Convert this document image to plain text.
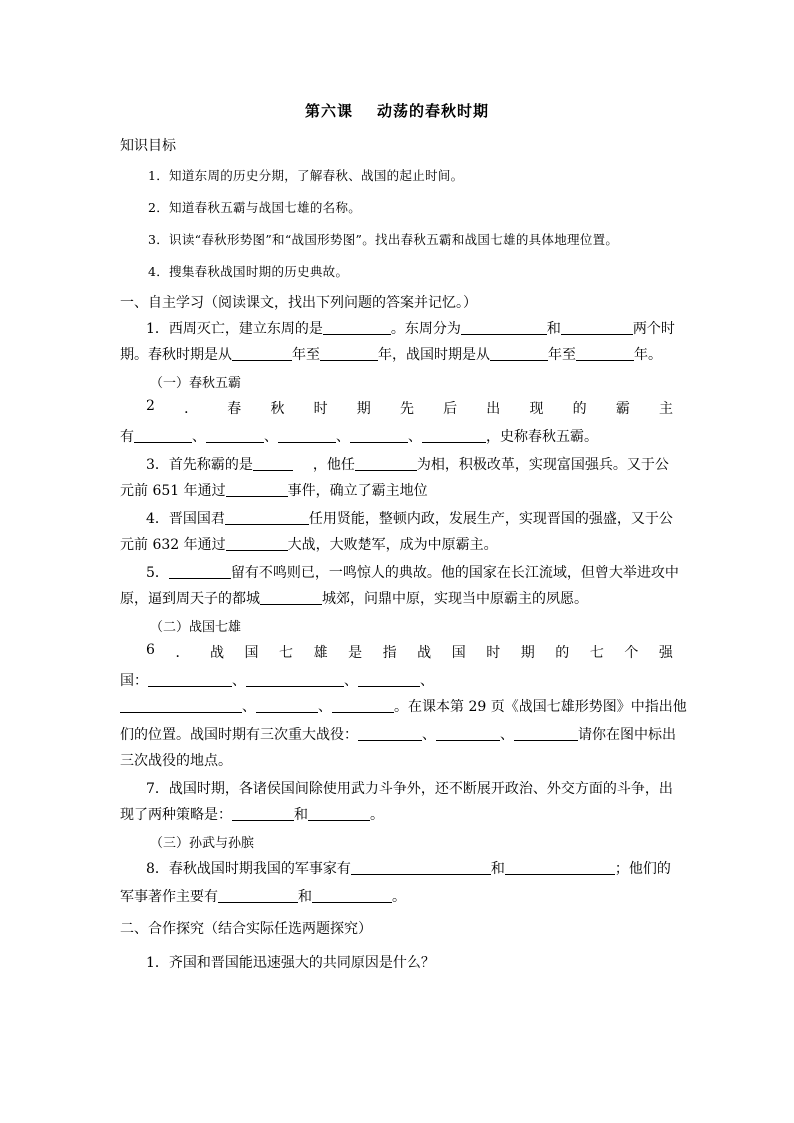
第六课 动荡的春秋时期
知识目标
1．知道东周的历史分期，了解春秋、战国的起止时间。
2．知道春秋五霸与战国七雄的名称。
3．识读“春秋形势图”和“战国形势图”。找出春秋五霸和战国七雄的具体地理位置。
4．搜集春秋战国时期的历史典故。
一、自主学习（阅读课文，找出下列问题的答案并记忆。）
1．西周灭亡，建立东周的是	。东周分为	和	两个时
期。春秋时期是从	年至	年，战国时期是从	年至	年。
（一）春秋五霸
2 ． 春 秋 时 期 先 后 出 现 的 霸 主
有	、	、	、	、	，史称春秋五霸。
3．首先称霸的是	，他任	为相，积极改革，实现富国强兵。又于公
元前 651 年通过	事件，确立了霸主地位
4．晋国国君	任用贤能，整顿内政，发展生产，实现晋国的强盛，又于公
元前 632 年通过	大战，大败楚军，成为中原霸主。
5．	留有不鸣则已，一鸣惊人的典故。他的国家在长江流域，但曾大举进攻中
原，逼到周天子的都城	城郊，问鼎中原，实现当中原霸主的夙愿。
（二）战国七雄
6 ． 战 国 七 雄 是 指 战 国 时 期 的 七 个 强
国：	、	、	、
、	、	。在课本第 29 页《战国七雄形势图》中指出他
们的位置。战国时期有三次重大战役：	、	、	请你在图中标出
三次战役的地点。
7．战国时期，各诸侯国间除使用武力斗争外，还不断展开政治、外交方面的斗争，出
现了两种策略是：	和	。
（三）孙武与孙膑
8．春秋战国时期我国的军事家有	和	；他们的
军事著作主要有	和	。
二、合作探究（结合实际任选两题探究）
1．齐国和晋国能迅速强大的共同原因是什么？
